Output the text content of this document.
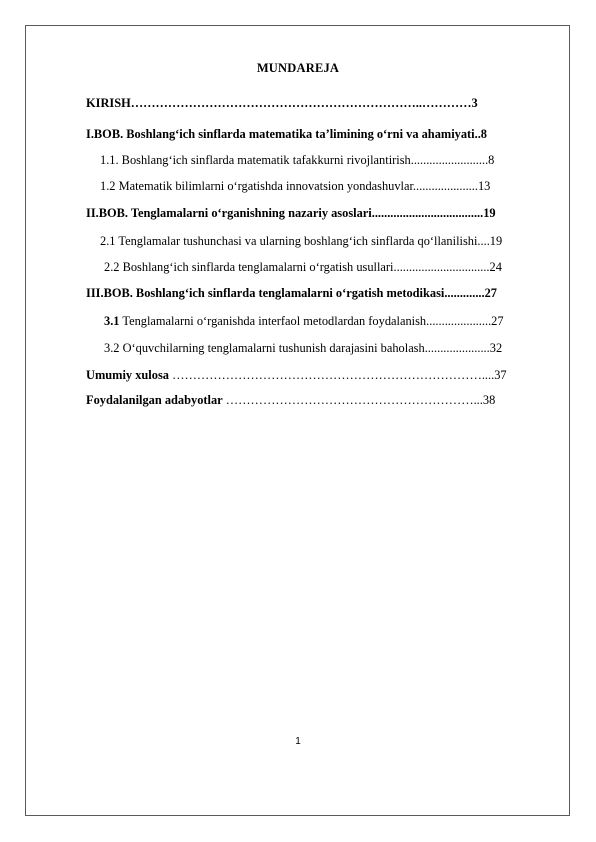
MUNDAREJA
KIRISH……………………………………………………………..…………3
I.BOB. Boshlang‘ich sinflarda matematika ta’limining o‘rni va ahamiyati..8
1.1. Boshlang‘ich sinflarda matematik tafakkurni rivojlantirish.........................8
1.2 Matematik bilimlarni o‘rgatishda innovatsion yondashuvlar.....................13
II.BOB. Tenglamalarni o‘rganishning nazariy asoslari....................................19
2.1 Tenglamalar tushunchasi va ularning boshlang‘ich sinflarda qo‘llanilishi....19
2.2 Boshlang‘ich sinflarda tenglamalarni o‘rgatish usullari...............................24
III.BOB. Boshlang‘ich sinflarda tenglamalarni o‘rgatish metodikasi.............27
3.1 Tenglamalarni o‘rganishda interfaol metodlardan foydalanish.....................27
3.2 O‘quvchilarning tenglamalarni tushunish darajasini baholash.....................32
Umumiy xulosa …………………………………………………………………....37
Foydalanilgan adabyotlar ……………………………………………………...38
1
